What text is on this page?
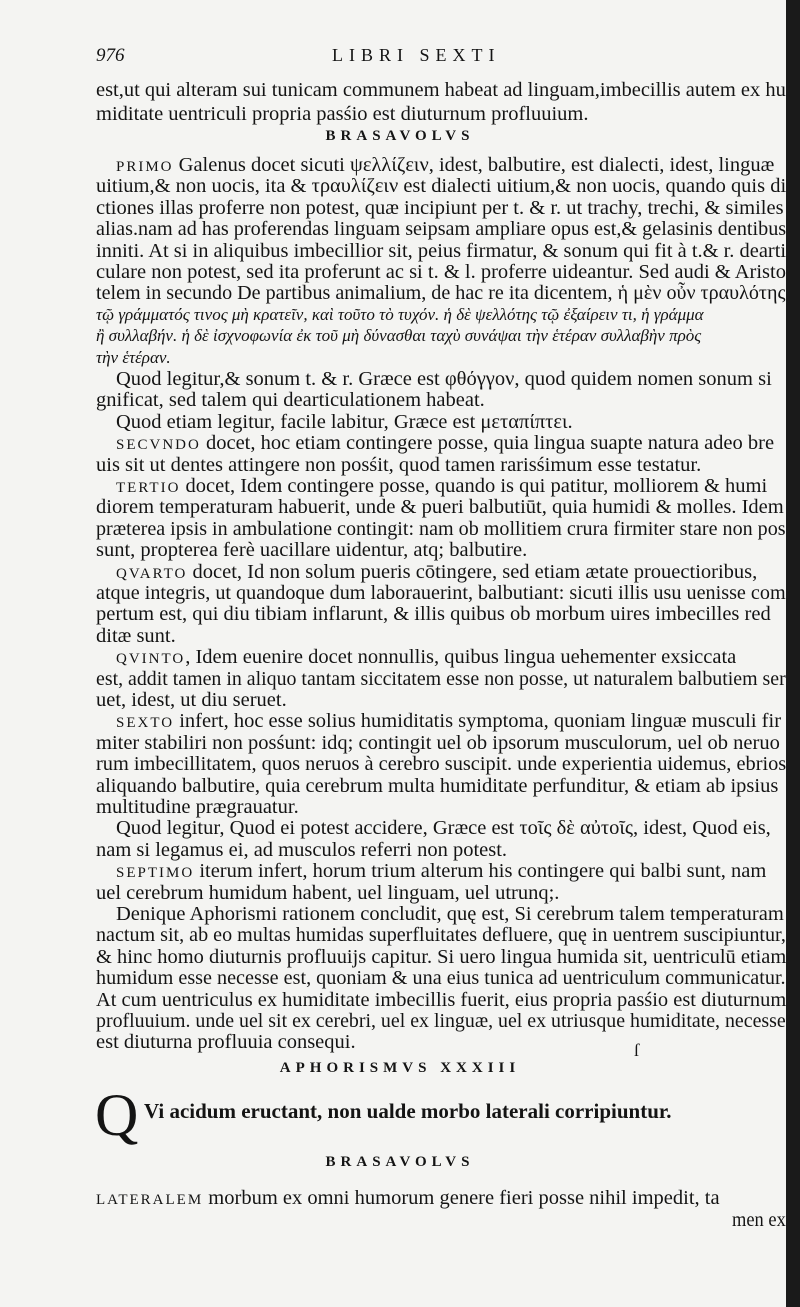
976	LIBRI SEXTI
est,ut qui alteram sui tunicam communem habeat ad linguam,imbecillis autem ex hu
miditate uentriculi propria pasśio est diuturnum profluuium.
BRASAVOLVS
PRIMO Galenus docet sicuti ψελλίζειν, idest, balbutire, est dialecti, idest, linguæ
uitium,& non uocis, ita & τραυλίζειν est dialecti uitium,& non uocis, quando quis di
ctiones illas proferre non potest, quæ incipiunt per t. & r. ut trachy, trechi, & similes
alias.nam ad has proferendas linguam seipsam ampliare opus est,& gelasinis dentibus
inniti. At si in aliquibus imbecillior sit, peius firmatur, & sonum qui fit à t.& r. dearti
culare non potest, sed ita proferunt ac si t. & l. proferre uideantur. Sed audi & Aristo
telem in secundo De partibus animalium, de hac re ita dicentem, ἡ μὲν οὖν τραυλότης
τῷ γράμματός τινος μὴ κρατεῖν, καὶ τοῦτο τὸ τυχόν. ἡ δὲ ψελλότης τῷ ἐξαίρειν τι, ἡ γράμμα
ἢ συλλαβήν. ἡ δὲ ἰσχνοφωνία ἐκ τοῦ μὴ δύνασθαι ταχὺ συνάψαι τὴν ἑτέραν συλλαβὴν πρὸς
τὴν ἑτέραν.
Quod legitur,& sonum t. & r. Græce est φθόγγον, quod quidem nomen sonum si
gnificat, sed talem qui dearticulationem habeat.
Quod etiam legitur, facile labitur, Græce est μεταπίπτει.
SECVNDO docet, hoc etiam contingere posse, quia lingua suapte natura adeo bre
uis sit ut dentes attingere non posśit, quod tamen rarisśimum esse testatur.
TERTIO docet, Idem contingere posse, quando is qui patitur, molliorem & humi
diorem temperaturam habuerit, unde & pueri balbutiūt, quia humidi & molles. Idem
præterea ipsis in ambulatione contingit: nam ob mollitiem crura firmiter stare non pos
sunt, propterea ferè uacillare uidentur, atq; balbutire.
QVARTO docet, Id non solum pueris cōtingere, sed etiam ætate prouectioribus,
atque integris, ut quandoque dum laborauerint, balbutiant: sicuti illis usu uenisse com
pertum est, qui diu tibiam inflarunt, & illis quibus ob morbum uires imbecilles red
ditæ sunt.
QVINTO, Idem euenire docet nonnullis, quibus lingua uehementer exsiccata
est, addit tamen in aliquo tantam siccitatem esse non posse, ut naturalem balbutiem ser
uet, idest, ut diu seruet.
SEXTO infert, hoc esse solius humiditatis symptoma, quoniam linguæ musculi fir
miter stabiliri non posśunt: idq; contingit uel ob ipsorum musculorum, uel ob neruo
rum imbecillitatem, quos neruos à cerebro suscipit. unde experientia uidemus, ebrios
aliquando balbutire, quia cerebrum multa humiditate perfunditur, & etiam ab ipsius
multitudine prægrauatur.
Quod legitur, Quod ei potest accidere, Græce est τοῖς δὲ αὐτοῖς, idest, Quod eis,
nam si legamus ei, ad musculos referri non potest.
SEPTIMO iterum infert, horum trium alterum his contingere qui balbi sunt, nam
uel cerebrum humidum habent, uel linguam, uel utrunq;.
Denique Aphorismi rationem concludit, quę est, Si cerebrum talem temperaturam
nactum sit, ab eo multas humidas superfluitates defluere, quę in uentrem suscipiuntur,
& hinc homo diuturnis profluuijs capitur. Si uero lingua humida sit, uentriculū etiam
humidum esse necesse est, quoniam & una eius tunica ad uentriculum communicatur.
At cum uentriculus ex humiditate imbecillis fuerit, eius propria pasśio est diuturnum
profluuium. unde uel sit ex cerebri, uel ex linguæ, uel ex utriusque humiditate, necesse
est diuturna profluuia consequi.	ſ
APHORISMVS XXXIII
Q Vi acidum eructant, non ualde morbo laterali corripiuntur.
BRASAVOLVS
LATERALEM morbum ex omni humorum genere fieri posse nihil impedit, ta
men ex
